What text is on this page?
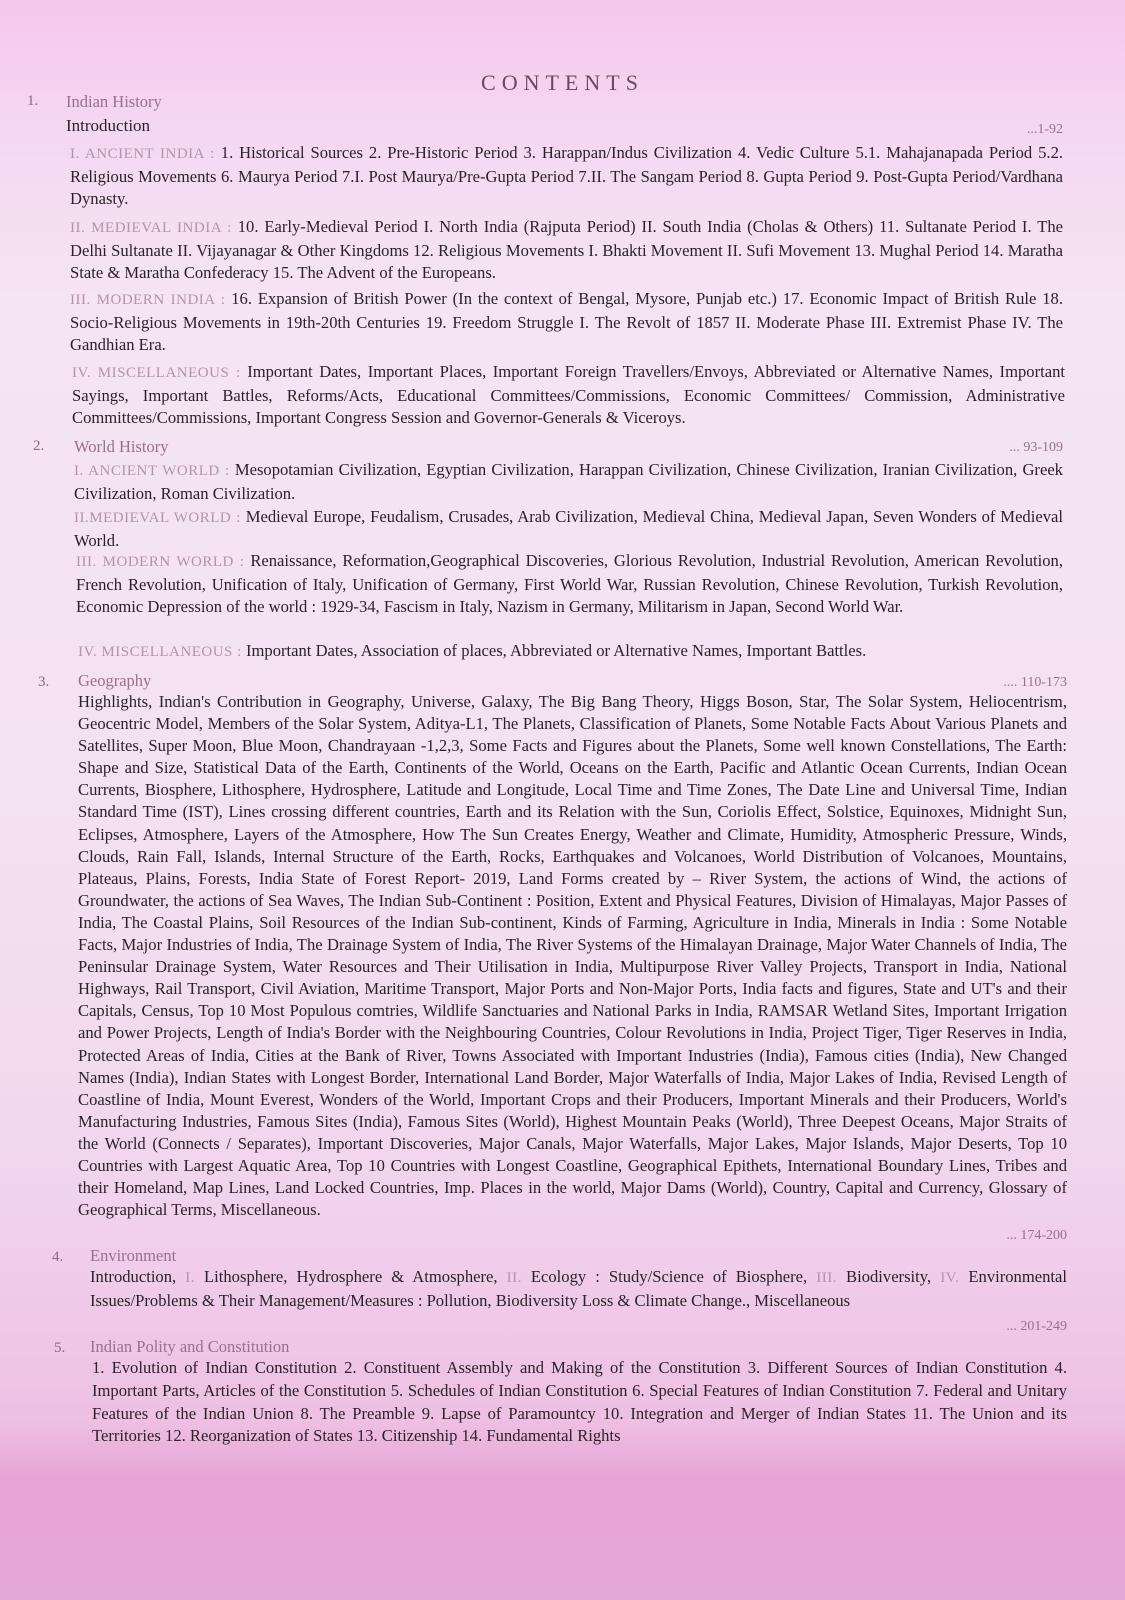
CONTENTS
1. Indian History
Introduction	...1-92
I. ANCIENT INDIA : 1. Historical Sources 2. Pre-Historic Period 3. Harappan/Indus Civilization 4. Vedic Culture 5.1. Mahajanapada Period 5.2. Religious Movements 6. Maurya Period 7.I. Post Maurya/Pre-Gupta Period 7.II. The Sangam Period 8. Gupta Period 9. Post-Gupta Period/Vardhana Dynasty.
II. MEDIEVAL INDIA : 10. Early-Medieval Period I. North India (Rajputa Period) II. South India (Cholas & Others) 11. Sultanate Period I. The Delhi Sultanate II. Vijayanagar & Other Kingdoms 12. Religious Movements I. Bhakti Movement II. Sufi Movement 13. Mughal Period 14. Maratha State & Maratha Confederacy 15. The Advent of the Europeans.
III. MODERN INDIA : 16. Expansion of British Power (In the context of Bengal, Mysore, Punjab etc.) 17. Economic Impact of British Rule 18. Socio-Religious Movements in 19th-20th Centuries 19. Freedom Struggle I. The Revolt of 1857 II. Moderate Phase III. Extremist Phase IV. The Gandhian Era.
IV. MISCELLANEOUS : Important Dates, Important Places, Important Foreign Travellers/Envoys, Abbreviated or Alternative Names, Important Sayings, Important Battles, Reforms/Acts, Educational Committees/Commissions, Economic Committees/ Commission, Administrative Committees/Commissions, Important Congress Session and Governor-Generals & Viceroys.
2. World History	... 93-109
I. ANCIENT WORLD : Mesopotamian Civilization, Egyptian Civilization, Harappan Civilization, Chinese Civilization, Iranian Civilization, Greek Civilization, Roman Civilization.
II.MEDIEVAL WORLD : Medieval Europe, Feudalism, Crusades, Arab Civilization, Medieval China, Medieval Japan, Seven Wonders of Medieval World.
III. MODERN WORLD : Renaissance, Reformation,Geographical Discoveries, Glorious Revolution, Industrial Revolution, American Revolution, French Revolution, Unification of Italy, Unification of Germany, First World War, Russian Revolution, Chinese Revolution, Turkish Revolution, Economic Depression of the world : 1929-34, Fascism in Italy, Nazism in Germany, Militarism in Japan, Second World War.
IV. MISCELLANEOUS : Important Dates, Association of places, Abbreviated or Alternative Names, Important Battles.
3.	Geography	.... 110-173
Highlights, Indian's Contribution in Geography, Universe, Galaxy, The Big Bang Theory, Higgs Boson, Star, The Solar System, Heliocentrism, Geocentric Model, Members of the Solar System, Aditya-L1, The Planets, Classification of Planets, Some Notable Facts About Various Planets and Satellites, Super Moon, Blue Moon, Chandrayaan -1,2,3, Some Facts and Figures about the Planets, Some well known Constellations, The Earth: Shape and Size, Statistical Data of the Earth, Continents of the World, Oceans on the Earth, Pacific and Atlantic Ocean Currents, Indian Ocean Currents, Biosphere, Lithosphere, Hydrosphere, Latitude and Longitude, Local Time and Time Zones, The Date Line and Universal Time, Indian Standard Time (IST), Lines crossing different countries, Earth and its Relation with the Sun, Coriolis Effect, Solstice, Equinoxes, Midnight Sun, Eclipses, Atmosphere, Layers of the Atmosphere, How The Sun Creates Energy, Weather and Climate, Humidity, Atmospheric Pressure, Winds, Clouds, Rain Fall, Islands, Internal Structure of the Earth, Rocks, Earthquakes and Volcanoes, World Distribution of Volcanoes, Mountains, Plateaus, Plains, Forests, India State of Forest Report- 2019, Land Forms created by – River System, the actions of Wind, the actions of Groundwater, the actions of Sea Waves, The Indian Sub-Continent : Position, Extent and Physical Features, Division of Himalayas, Major Passes of India, The Coastal Plains, Soil Resources of the Indian Sub-continent, Kinds of Farming, Agriculture in India, Minerals in India : Some Notable Facts, Major Industries of India, The Drainage System of India, The River Systems of the Himalayan Drainage, Major Water Channels of India, The Peninsular Drainage System, Water Resources and Their Utilisation in India, Multipurpose River Valley Projects, Transport in India, National Highways, Rail Transport, Civil Aviation, Maritime Transport, Major Ports and Non-Major Ports, India facts and figures, State and UT's and their Capitals, Census, Top 10 Most Populous comtries, Wildlife Sanctuaries and National Parks in India, RAMSAR Wetland Sites, Important Irrigation and Power Projects, Length of India's Border with the Neighbouring Countries, Colour Revolutions in India, Project Tiger, Tiger Reserves in India, Protected Areas of India, Cities at the Bank of River, Towns Associated with Important Industries (India), Famous cities (India), New Changed Names (India), Indian States with Longest Border, International Land Border, Major Waterfalls of India, Major Lakes of India, Revised Length of Coastline of India, Mount Everest, Wonders of the World, Important Crops and their Producers, Important Minerals and their Producers, World's Manufacturing Industries, Famous Sites (India), Famous Sites (World), Highest Mountain Peaks (World), Three Deepest Oceans, Major Straits of the World (Connects / Separates), Important Discoveries, Major Canals, Major Waterfalls, Major Lakes, Major Islands, Major Deserts, Top 10 Countries with Largest Aquatic Area, Top 10 Countries with Longest Coastline, Geographical Epithets, International Boundary Lines, Tribes and their Homeland, Map Lines, Land Locked Countries, Imp. Places in the world, Major Dams (World), Country, Capital and Currency, Glossary of Geographical Terms, Miscellaneous.
... 174-200
4.	Environment
Introduction, I. Lithosphere, Hydrosphere & Atmosphere, II. Ecology : Study/Science of Biosphere, III. Biodiversity, IV. Environmental Issues/Problems & Their Management/Measures : Pollution, Biodiversity Loss & Climate Change., Miscellaneous
... 201-249
5.	Indian Polity and Constitution
1. Evolution of Indian Constitution 2. Constituent Assembly and Making of the Constitution 3. Different Sources of Indian Constitution 4. Important Parts, Articles of the Constitution 5. Schedules of Indian Constitution 6. Special Features of Indian Constitution 7. Federal and Unitary Features of the Indian Union 8. The Preamble 9. Lapse of Paramountcy 10. Integration and Merger of Indian States 11. The Union and its Territories 12. Reorganization of States 13. Citizenship 14. Fundamental Rights
